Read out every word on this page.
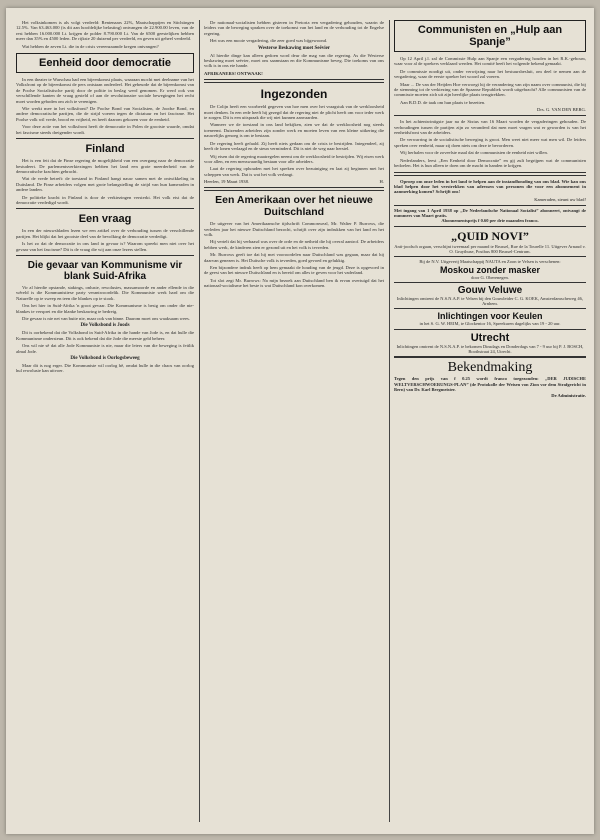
Het volksinkomen is als volgt verdeeld: Rentenaars 22%, Maatschappijen en Stichtingen 12.5%. Van 63.463.000 (is dit aan hoofdelijke belasting) ontvangen de 22.900.00 leven, van de rest hebben 16.000.000 Lt. krijgen de polder 8.790.000 Lt. Van de 6500 geestelijken hebben meer dan 35% en 4500 leden. De rijkste 20 duizend per verdeeld, en geven uit geheel verdeeld.

Wat hebben de zeven Lt. die in de crisis vereenzaamde kregen ontvangen?

Eenheid door democratie

In een theater te Warschau had een bijeenkomst plaats, waaraan mocht met deelname van het Volksfront op de bijeenkomst de pers ontstaan onderdeel. Het gebeurde dat de bijeenkomst van de Poolse Socialistische partij door de politie in beslag werd genomen. Er werd ook van verschillende kanten de vraag gesteld of aan de revolutionaire sociale bewegingen het recht moet worden geboden om zich te verenigen.

Wie werkt mee in het volksfront? De Poolse Bond van Socialisten, de Joodse Bond, en andere democratische partijen, die de strijd voeren tegen de dictatuur en het fascisme. Het Poolse volk wil vrede, brood en vrijheid, en heeft daarom gekozen voor de eenheid.

Voor deze actie van het volksfront heeft de democratie in Polen de grootste waarde, omdat het fascisme steeds dreigender wordt.

Finland

Het is een feit dat de Finse regering de mogelijkheid van een overgang naar de democratie bestudeert. De parlementsverkiezingen hebben het land een grote meerderheid van de democratische krachten gebracht.

Wat de vrede betreft: de toestand in Finland hangt nauw samen met de ontwikkeling in Duitsland. De Finse arbeiders volgen met grote belangstelling de strijd van hun kameraden in andere landen.

De politieke kracht in Finland is door de verkiezingen versterkt. Het volk eist dat de democratie verdedigd wordt.

Een vraag

In een der nieuwsbladen lezen we een artikel over de verhouding tussen de verschillende partijen. Het blijkt dat het grootste deel van de bevolking de democratie verdedigt.

Is het zo dat de democratie in ons land in gevaar is? Waarom spreekt men niet over het gevaar van het fascisme? Dit is de vraag die wij aan onze lezers stellen.

Die gevaar van Kommunisme vir blank Suid-Afrika

Vir al hierdie opstande, stakings, onluste, rewolusies, massamoorde en ander ellende in die wêreld is die Kommunistiese party verantwoordelik. Die Kommuniste werk hard om die Naturelle op te sweep en teen die blankes op te stook.

Ons het hier in Suid-Afrika 'n groot gevaar. Die Kommunisme is besig om onder die nie-blankes te versprei en die blanke beskawing te bedreig.

Die gevaar is nie net van buite nie, maar ook van binne. Daarom moet ons waaksaam wees.

Die Volksbond is Joods

Dit is oorbekend dat die Volksbond in Suid-Afrika in die hande van Jode is, en dat hulle die Kommunisme ondersteun. Dit is ook bekend dat die Jode die meeste geld beheer.

Ons wil nie sê dat alle Jode Kommuniste is nie, maar die leiers van die beweging is feitlik almal Jode.

Die Volksbond is Oorlogsbeweeg

Maar dit is nog erger. Die Kommuniste wil oorlog hê, omdat hulle in die chaos van oorlog hul rewolusie kan uitvoer.

De nationaal-socialisten hebben gisteren in Pretoria een vergadering gehouden, waarin de leiders van de beweging spraken over de toekomst van het land en de verhouding tot de Engelse regering.

Het was een mooie vergadering, die zeer goed was bijgewoond.

Westerse Beskawing moet Seëvier

Al hierdie dinge kan alleen gedoen word deur die mag van die regering. As die Westerse beskawing moet seëvier, moet ons saamstaan en die Kommunisme beveg. Die toekoms van ons volk is in ons eie hande.

AFRIKANERS! ONTWAAK!

Ingezonden

De Colijn heeft een voorbeeld gegeven van hoe men over het vraagstuk van de werkloosheid moet denken. In een rede heeft hij gezegd dat de regering niet de plicht heeft om voor ieder werk te zorgen. Dit is een uitspraak die wij niet kunnen aanvaarden.

Wanneer we de toestand in ons land bekijken, zien we dat de werkloosheid nog steeds toeneemt. Duizenden arbeiders zijn zonder werk en moeten leven van een kleine uitkering die nauwelijks genoeg is om te bestaan.

De regering heeft gefaald. Zij heeft niets gedaan om de crisis te bestrijden. Integendeel, zij heeft de lonen verlaagd en de steun verminderd. Dit is niet de weg naar herstel.

Wij eisen dat de regering maatregelen neemt om de werkloosheid te bestrijden. Wij eisen werk voor allen, en een menswaardig bestaan voor alle arbeiders.

Laat de regering ophouden met het spreken over bezuiniging en laat zij beginnen met het scheppen van werk. Dat is wat het volk verlangt.

Heerlen, 19 Maart 1938.	H.
Een Amerikaan over het nieuwe Duitschland

De uitgever van het Amerikaansche tijdschrift Commonweal, Mr. Walter P. Burrows, die verleden jaar het nieuwe Duitschland bezocht, schrijft over zijn indrukken van het land en het volk.

Hij vertelt dat hij verbaasd was over de orde en de netheid die hij overal aantrof. De arbeiders hebben werk, de kinderen zien er gezond uit en het volk is tevreden.

Mr. Burrows geeft toe dat hij met vooroordelen naar Duitschland was gegaan, maar dat hij daarvan genezen is. Het Duitsche volk is tevreden, goed gevoed en gelukkig.

Een bijzondere indruk heeft op hem gemaakt de houding van de jeugd. Deze is opgevoed in de geest van het nieuwe Duitschland en is bereid om alles te geven voor het vaderland.

Tot slot zegt Mr. Burrows: Na mijn bezoek aan Duitschland ben ik ervan overtuigd dat het nationaal-socialisme het beste is wat Duitschland kon overkomen.

Communisten en „Hulp aan Spanje”

Op 12 April j.l. zal de Commissie Hulp aan Spanje een vergadering houden in het R.K.-gebouw, waar voor al de sprekers verklaard werden. Het comité heeft het volgende bekend gemaakt.

De commissie noodigt uit, onder verwijzing naar het bestuursbesluit, om deel te nemen aan de vergadering, waar de eerste spreker het woord zal voeren.

Maar ... De van der Heijden Hoe verwoegt hij de verandering van zijn naam over communist, die bij de stemming tot de verkiezing van de Spaanse Republiek wordt uitgebracht? Alle communisten van de commissie moeten zich uit zijn heerlijke plaats terugtrekken.

Aan B.D.D. de taak om hun plaats te bezetten.

Drs. G. VAN DEN BERG.

In het achtentwintigste jaar na de Sixtus van 16 Maart worden de vergaderingen gehouden. De verhoudingen tussen de partijen zijn zo veranderd dat men moet vragen wat er geworden is van het eenheidsfront van de arbeiders.

De verwarring in de socialistische beweging is groot. Men weet niet meer wat men wil. De leiders spreken over eenheid, maar zij doen niets om deze te bevorderen.

Wij herhalen voor de zoveelste maal dat de communisten de eenheid niet willen.

Nederlanders, leest „Een Eenheid door Democratie” en gij zult begrijpen wat de communisten bedoelen. Het is hun alleen te doen om de macht in handen te krijgen.

Oproep om onze leden in het land te helpen aan de instandhouding van ons blad. Wie kan ons blad helpen door het verstrekken van adressen van personen die voor een abonnement in aanmerking komen? Schrijft ons!

Kameraden, steunt uw blad!
Met ingang van 1 April 1938 op „De Nederlandsche Nationaal Socialist” abonneert, ontvangt de nummers van Maart gratis.
Abonnementsprijs f 0.60 per drie maanden franco.
„QUID NOVI”
Anti-joodsch orgaan, verschijnt tweemaal per maand te Brussel, Rue de la Tourelle 11. Uitgever Arnaud v. O. Gruythuse, Postbus 800 Brussel-Centrum.
Bij de N.V. Uitgeverij Maatschappij NAUTA en Zoon te Velsen is verschenen:
Moskou zonder masker
door G. Oberenegen.
Gouw Veluwe
Inlichtingen omtrent de N.S.N.A.P. te Velsen bij den Gouwleider C. G. KOEK, Amsterdamscheweg 46, Arnhem.
Inlichtingen voor Keulen
in het S. G. W. HEIM, te Glockentor 16, Spreekuren dagelijks van 19 - 20 uur.
Utrecht
Inlichtingen omtrent de N.S.N.A.P. te bekomen Dinsdags en Donderdags van 7 - 9 uur bij P. J. BOSCH, Boothstraat 24, Utrecht.
Bekendmaking
Tegen den prijs van f 0.25 wordt franco toegezonden: „DER JUDISCHE WELTVERSCHWOERUNGS-PLAN” (de Protokolle der Weisen von Zion vor dem Strafgericht in Bern) van Dr. Karl Bergmeister.
De Administratie.
